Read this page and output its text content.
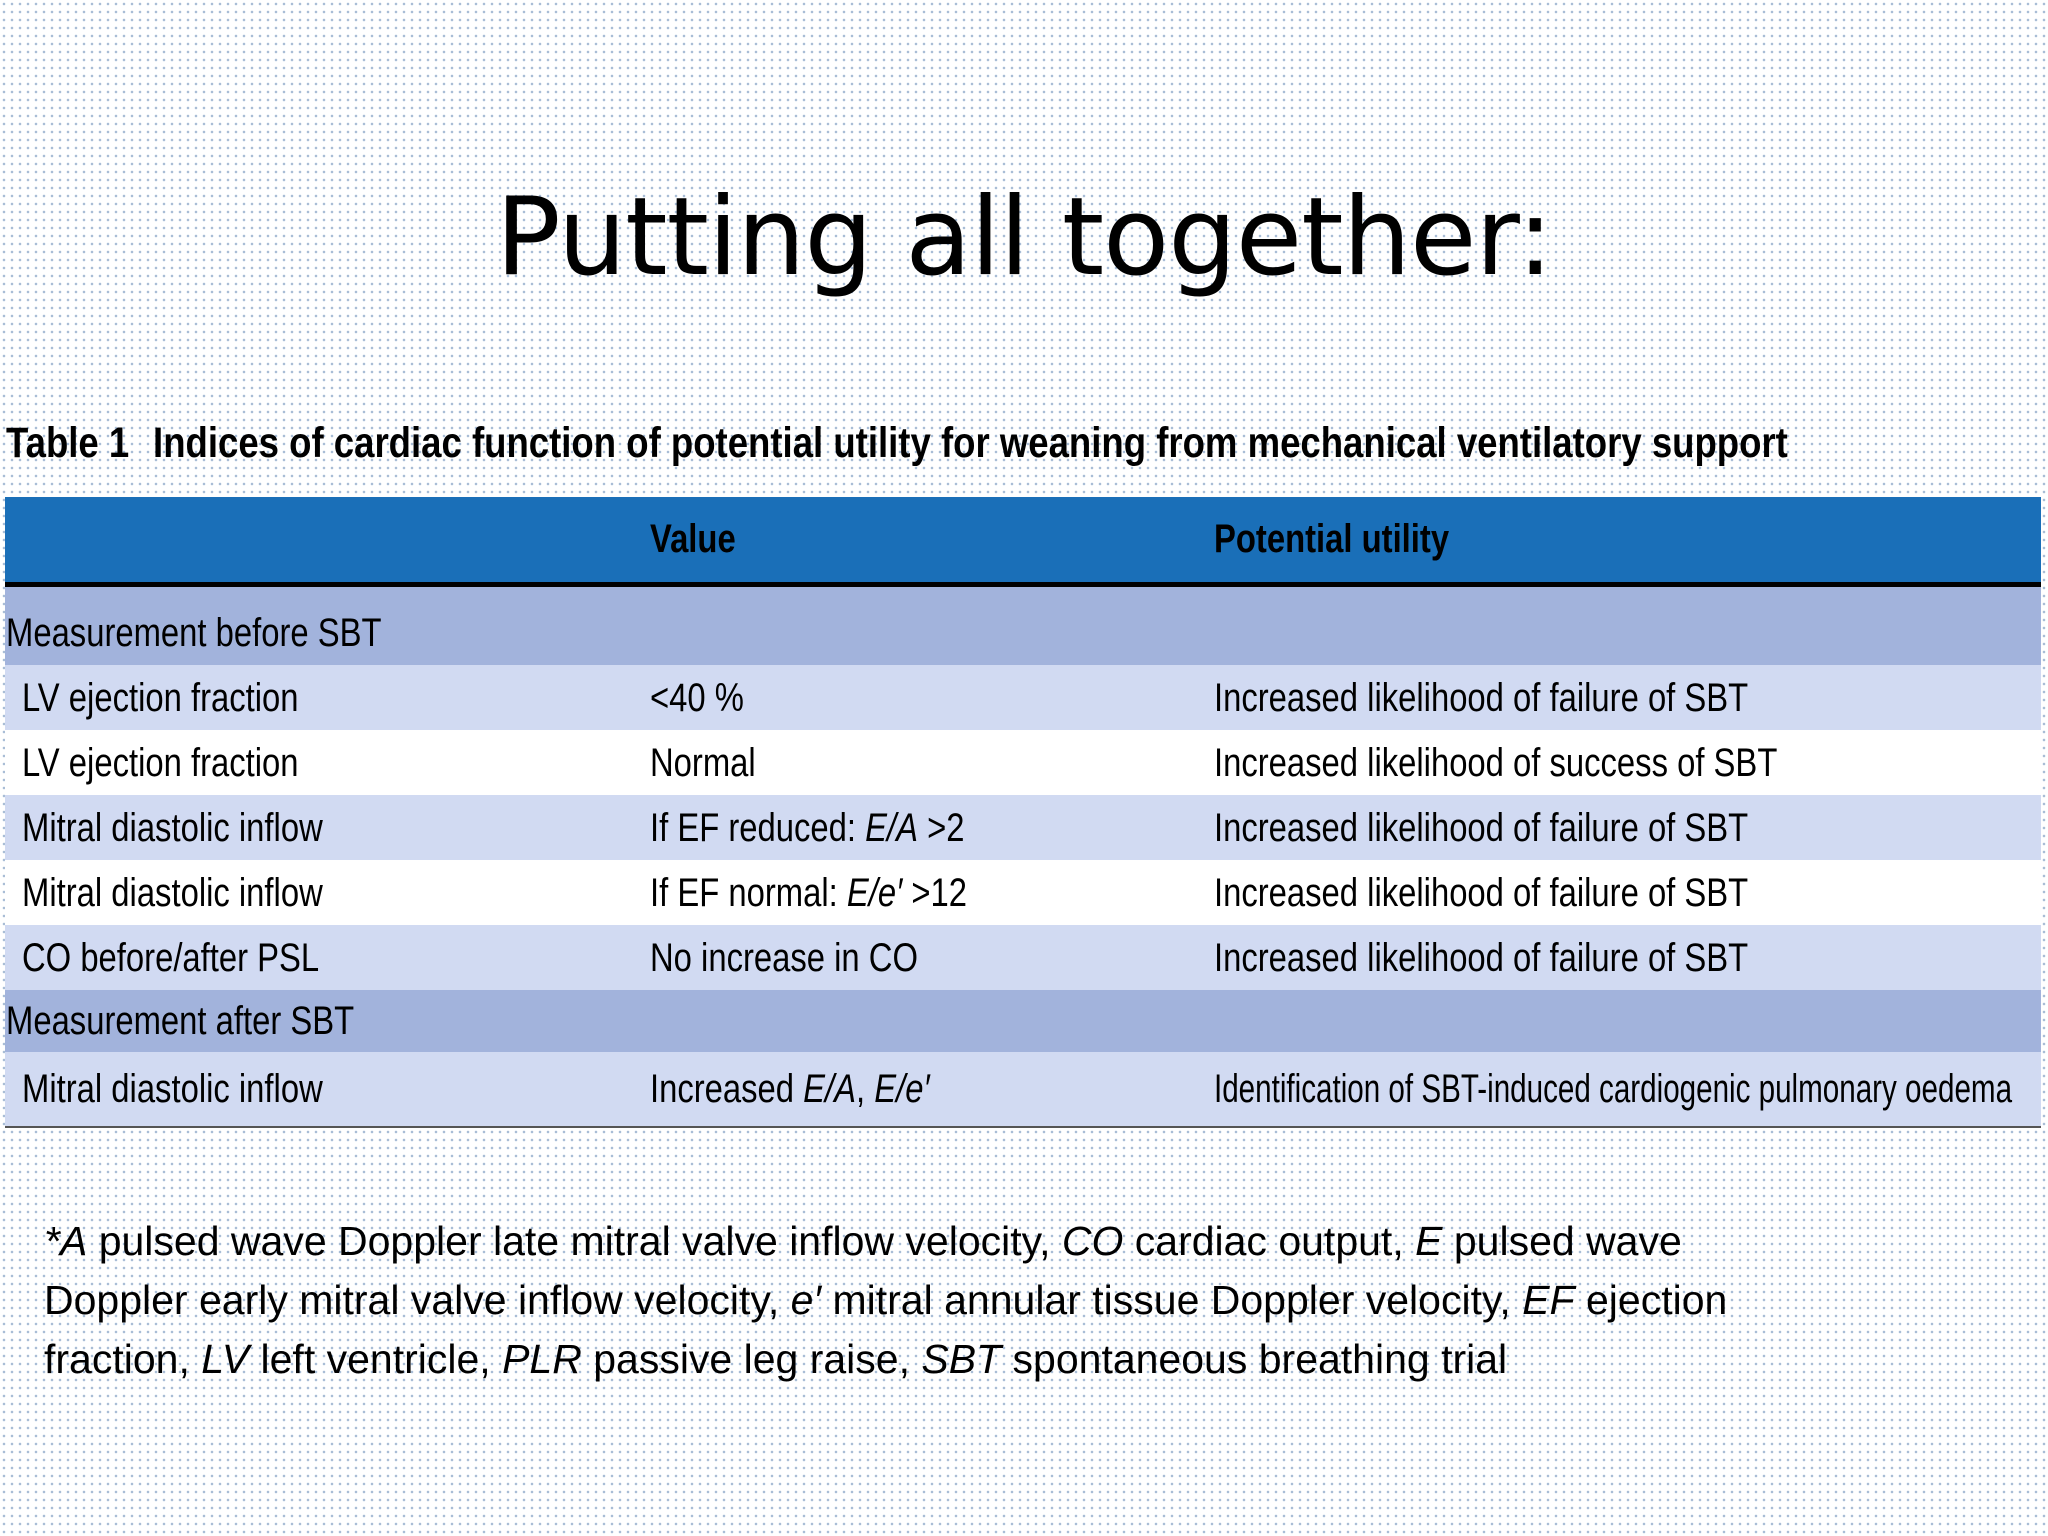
Putting all together:
Table 1 Indices of cardiac function of potential utility for weaning from mechanical ventilatory support
	Value	Potential utility
Measurement before SBT		
LV ejection fraction	<40 %	Increased likelihood of failure of SBT
LV ejection fraction	Normal	Increased likelihood of success of SBT
Mitral diastolic inflow	If EF reduced: E/A >2	Increased likelihood of failure of SBT
Mitral diastolic inflow	If EF normal: E/e′ >12	Increased likelihood of failure of SBT
CO before/after PSL	No increase in CO	Increased likelihood of failure of SBT
Measurement after SBT		
Mitral diastolic inflow	Increased E/A, E/e′	Identification of SBT-induced cardiogenic pulmonary oedema
*A pulsed wave Doppler late mitral valve inflow velocity, CO cardiac output, E pulsed wave
Doppler early mitral valve inflow velocity, e′ mitral annular tissue Doppler velocity, EF ejection
fraction, LV left ventricle, PLR passive leg raise, SBT spontaneous breathing trial
